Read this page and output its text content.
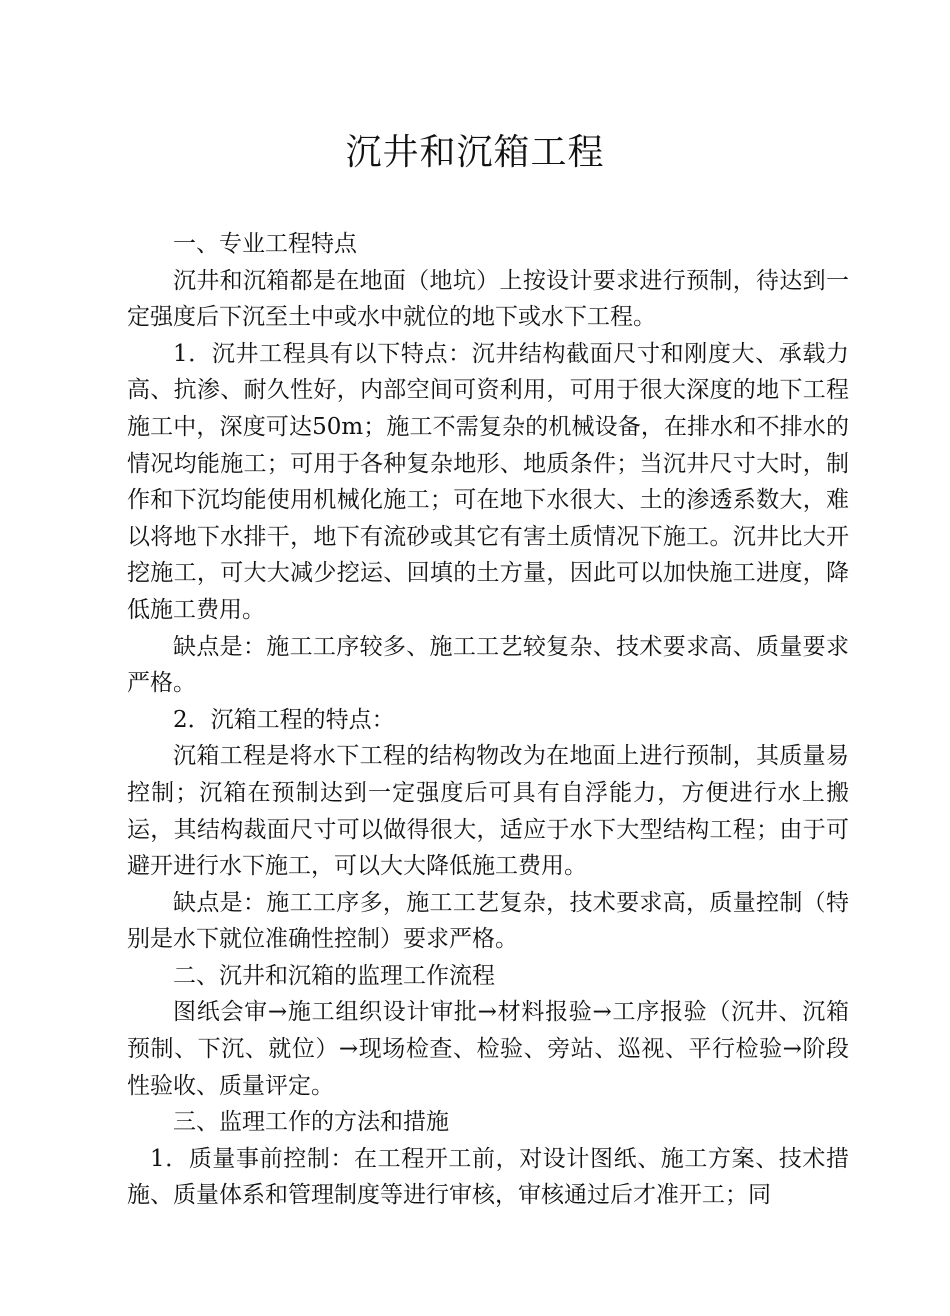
沉井和沉箱工程

一、专业工程特点

沉井和沉箱都是在地面（地坑）上按设计要求进行预制，待达到一定强度后下沉至土中或水中就位的地下或水下工程。

1．沉井工程具有以下特点：沉井结构截面尺寸和刚度大、承载力高、抗渗、耐久性好，内部空间可资利用，可用于很大深度的地下工程施工中，深度可达50m；施工不需复杂的机械设备，在排水和不排水的情况均能施工；可用于各种复杂地形、地质条件；当沉井尺寸大时，制作和下沉均能使用机械化施工；可在地下水很大、土的渗透系数大，难以将地下水排干，地下有流砂或其它有害土质情况下施工。沉井比大开挖施工，可大大减少挖运、回填的土方量，因此可以加快施工进度，降低施工费用。

缺点是：施工工序较多、施工工艺较复杂、技术要求高、质量要求严格。

2．沉箱工程的特点：

沉箱工程是将水下工程的结构物改为在地面上进行预制，其质量易控制；沉箱在预制达到一定强度后可具有自浮能力，方便进行水上搬运，其结构裁面尺寸可以做得很大，适应于水下大型结构工程；由于可避开进行水下施工，可以大大降低施工费用。

缺点是：施工工序多，施工工艺复杂，技术要求高，质量控制（特别是水下就位准确性控制）要求严格。

二、沉井和沉箱的监理工作流程

图纸会审→施工组织设计审批→材料报验→工序报验（沉井、沉箱预制、下沉、就位）→现场检查、检验、旁站、巡视、平行检验→阶段性验收、质量评定。

三、监理工作的方法和措施

1．质量事前控制：在工程开工前，对设计图纸、施工方案、技术措施、质量体系和管理制度等进行审核，审核通过后才准开工；同
